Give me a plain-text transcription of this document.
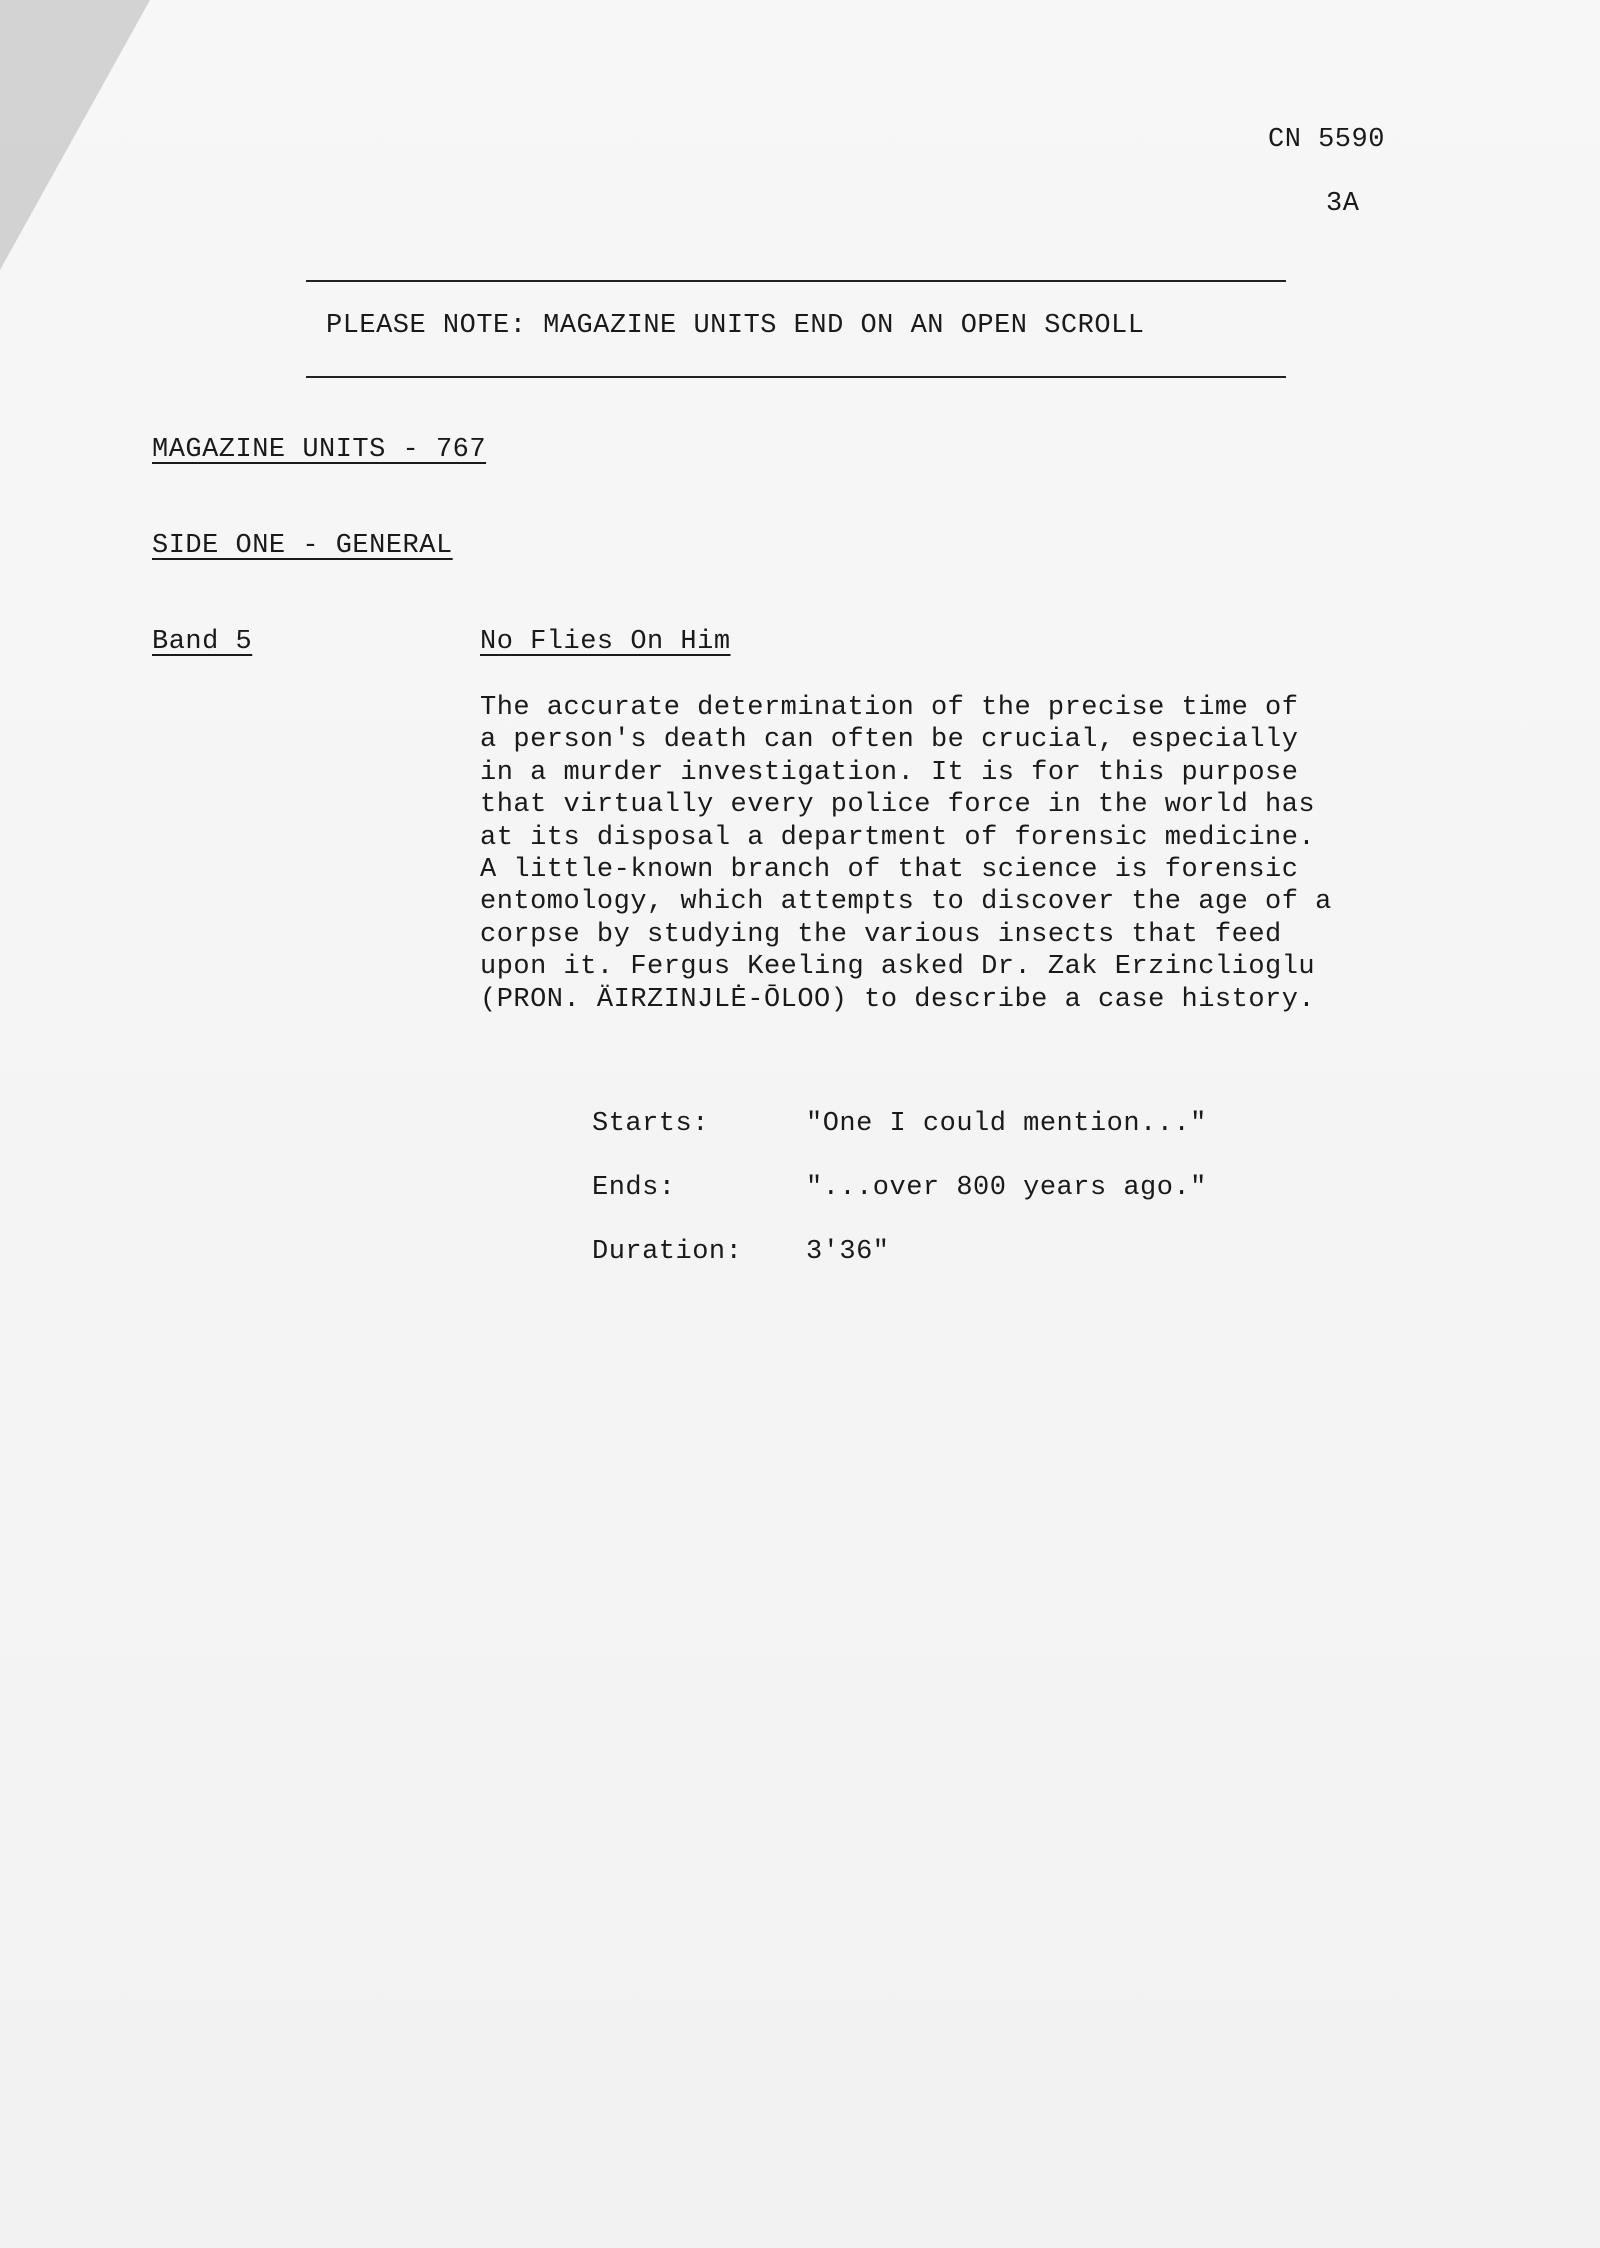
CN 5590
3A
PLEASE NOTE: MAGAZINE UNITS END ON AN OPEN SCROLL
MAGAZINE UNITS - 767
SIDE ONE - GENERAL
Band 5	No Flies On Him
The accurate determination of the precise time of
a person's death can often be crucial, especially
in a murder investigation. It is for this purpose
that virtually every police force in the world has
at its disposal a department of forensic medicine.
A little-known branch of that science is forensic
entomology, which attempts to discover the age of a
corpse by studying the various insects that feed
upon it. Fergus Keeling asked Dr. Zak Erzinclioglu
(PRON. ÄIRZINJLĖ-ŌLOO) to describe a case history.
Starts:	"One I could mention..."
Ends:	"...over 800 years ago."
Duration: 3'36"
